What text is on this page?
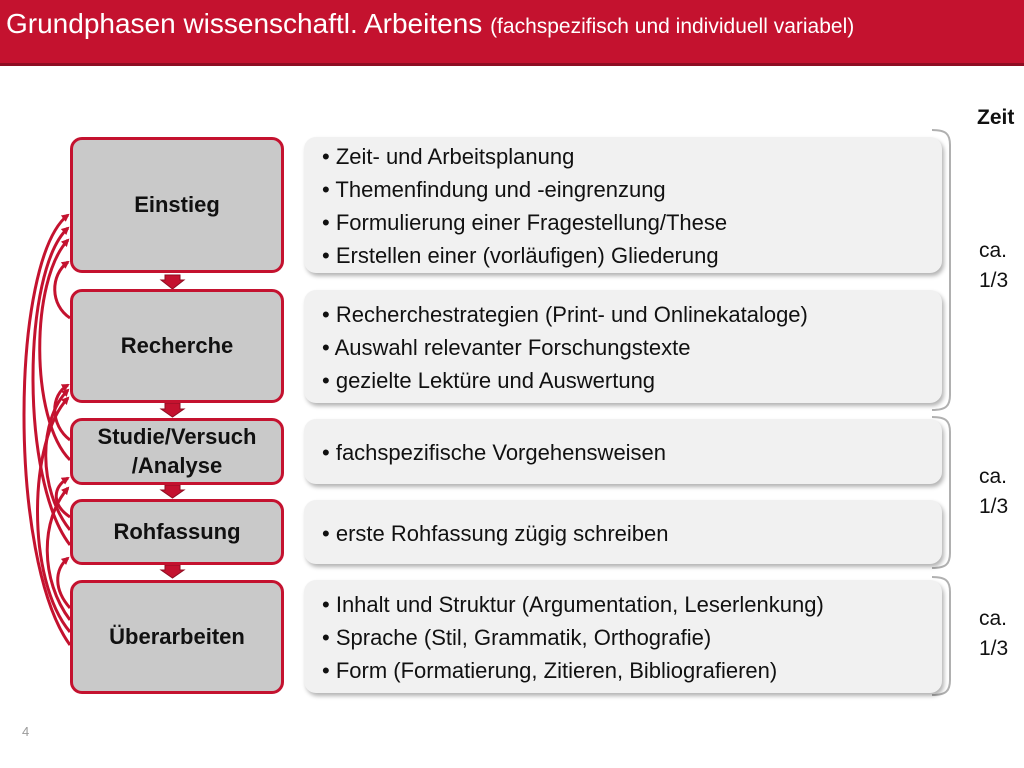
Grundphasen wissenschaftl. Arbeitens (fachspezifisch und individuell variabel)
Einstieg
Recherche
Studie/Versuch /Analyse
Rohfassung
Überarbeiten
• Zeit- und Arbeitsplanung
• Themenfindung und -eingrenzung
• Formulierung einer Fragestellung/These
• Erstellen einer (vorläufigen) Gliederung
• Recherchestrategien (Print- und Onlinekataloge)
• Auswahl relevanter Forschungstexte
• gezielte Lektüre und Auswertung
• fachspezifische Vorgehensweisen
• erste Rohfassung zügig schreiben
• Inhalt und Struktur (Argumentation, Leserlenkung)
• Sprache (Stil, Grammatik, Orthografie)
• Form (Formatierung, Zitieren, Bibliografieren)
Zeit
ca. 1/3
ca. 1/3
ca. 1/3
4
